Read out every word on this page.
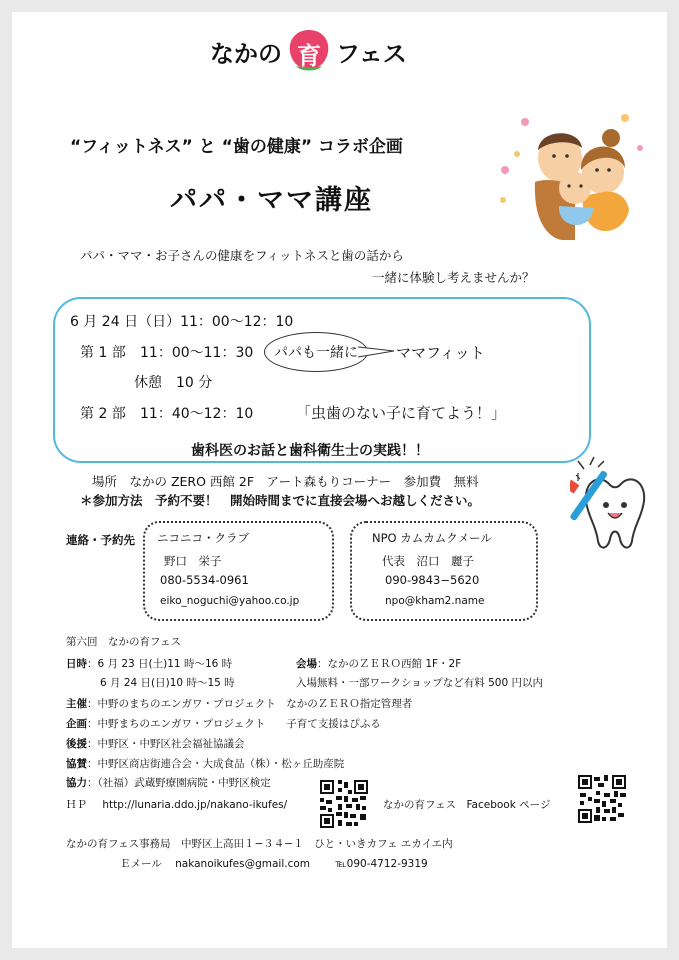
なかの 育 フェス
“フィットネス” と “歯の健康” コラボ企画
パパ・ママ講座
パパ・ママ・お子さんの健康をフィットネスと歯の話から
一緒に体験し考えませんか？
6 月 24 日（日）11：00〜12：10
第 1 部 11：00〜11：30 パパも一緒に	ママフィット
休憩　10 分
第 2 部 11：40〜12：10	「虫歯のない子に育てよう！」
歯科医のお話と歯科衛生士の実践！！
場所　なかの ZERO 西館 2F　アート森もりコーナー　参加費　無料
＊参加方法　予約不要！　開始時間までに直接会場へお越しください。
連絡・予約先 ニコニコ・クラブ
野口　栄子
080-5534-0961
eiko_noguchi@yahoo.co.jp
NPO カムカムクメール
代表　沼口　麗子
090-9843−5620
npo@kham2.name
第六回　なかの育フェス
日時：6 月 23 日(土)11 時〜16 時	会場：なかのＺＥＲＯ西館 1F・2F
6 月 24 日(日)10 時〜15 時	入場無料・一部ワークショップなど有料 500 円以内
主催：中野のまちのエンガワ・プロジェクト　なかのＺＥＲＯ指定管理者
企画：中野まちのエンガワ・プロジェクト　　子育て支援はぴふる
後援：中野区・中野区社会福祉協議会
協賛：中野区商店街連合会・大成食品（株）・松ヶ丘助産院
協力：（社福）武蔵野療園病院・中野区検定
ＨＰ http://lunaria.ddo.jp/nakano-ikufes/	なかの育フェス　Facebook ページ
なかの育フェス事務局　中野区上高田１−３４−１　ひと・いきカフェ エカイエ内
Ｅメール nakanoikufes@gmail.com ℡090-4712-9319
